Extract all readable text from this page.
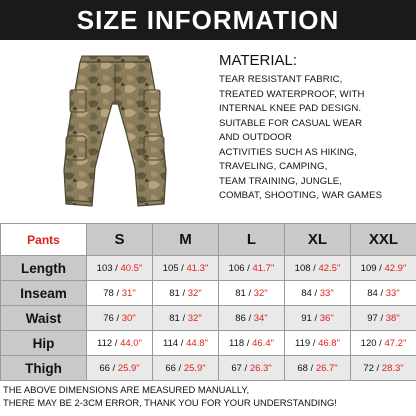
SIZE INFORMATION
MATERIAL:
TEAR RESISTANT FABRIC,
TREATED WATERPROOF, WITH
INTERNAL KNEE PAD DESIGN.
SUITABLE FOR CASUAL WEAR
AND OUTDOOR
ACTIVITIES SUCH AS HIKING,
TRAVELING, CAMPING,
TEAM TRAINING, JUNGLE,
COMBAT, SHOOTING, WAR GAMES
Pants	S	M	L	XL	XXL
Length	103 / 40.5"	105 / 41.3"	106 / 41.7"	108 / 42.5"	109 / 42.9"
Inseam	78 / 31"	81 / 32"	81 / 32"	84 / 33"	84 / 33"
Waist	76 / 30"	81 / 32"	86 / 34"	91 / 36"	97 / 38"
Hip	112 / 44.0"	114 / 44.8"	118 / 46.4"	119 / 46.8"	120 / 47.2"
Thigh	66 / 25.9"	66 / 25.9"	67 / 26.3"	68 / 26.7"	72 / 28.3"
THE ABOVE DIMENSIONS ARE MEASURED MANUALLY,
THERE MAY BE 2-3CM ERROR, THANK YOU FOR YOUR UNDERSTANDING!
